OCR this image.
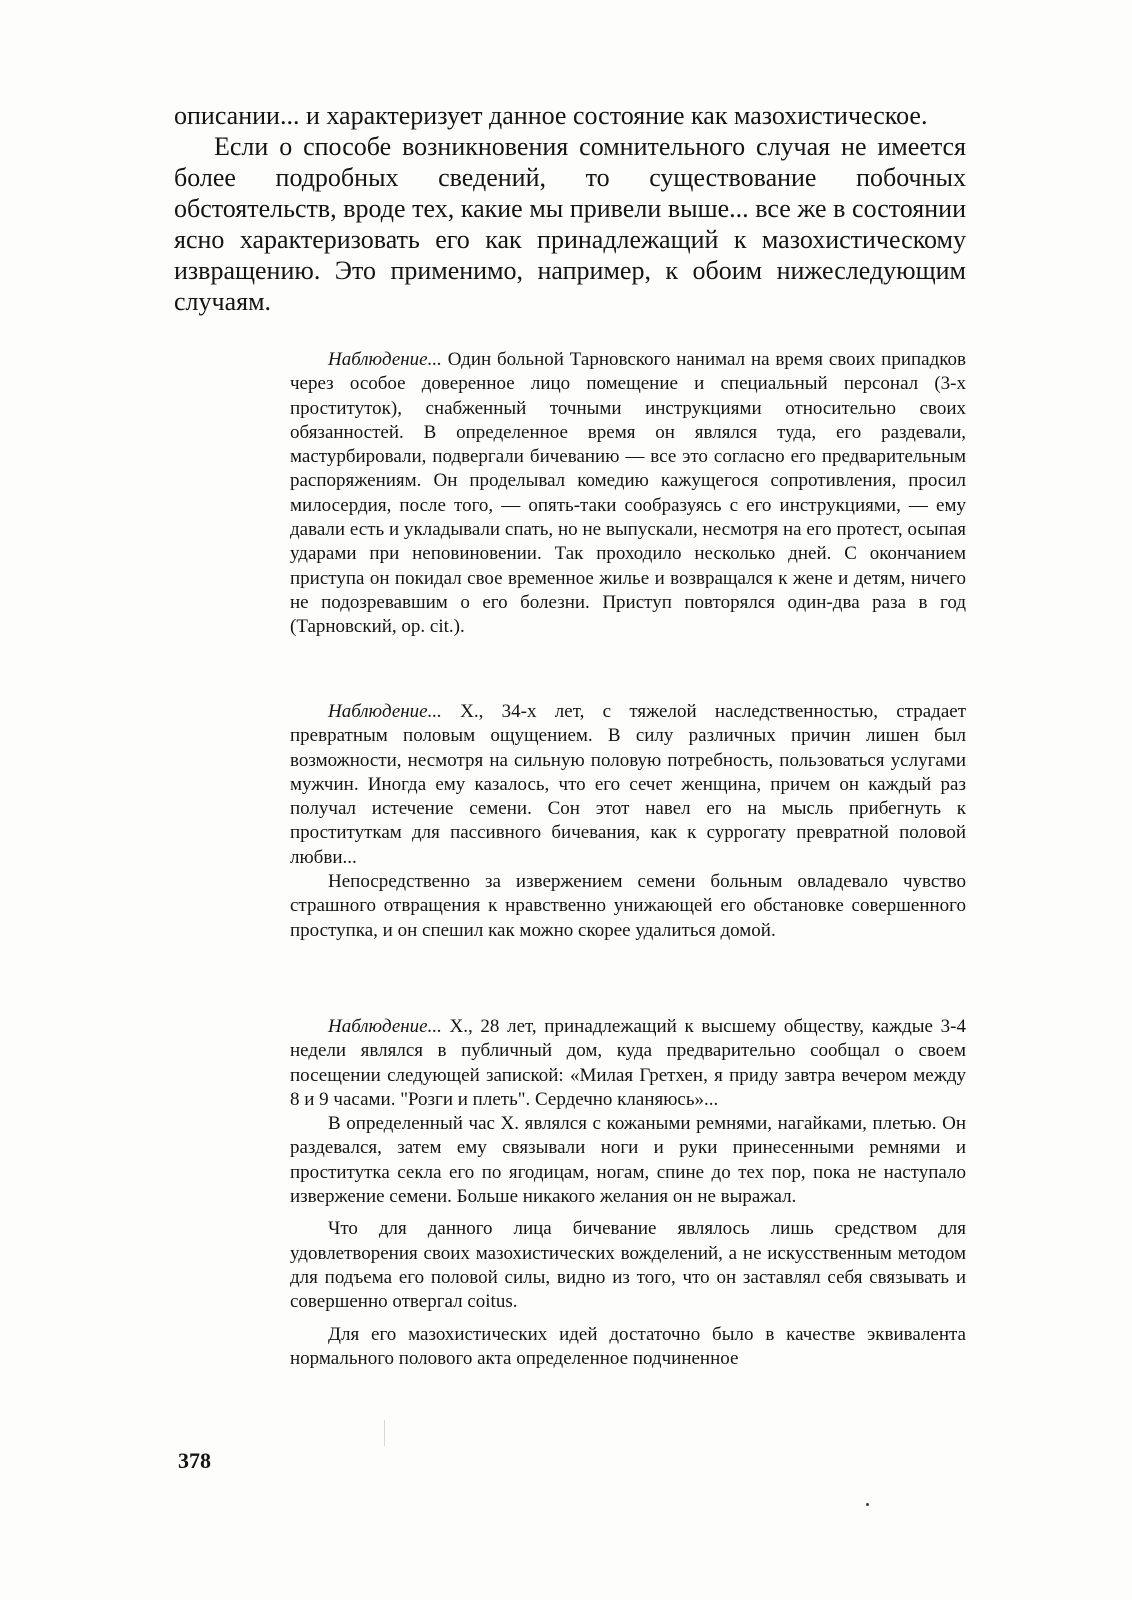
описании... и характеризует данное состояние как мазохистическое.

Если о способе возникновения сомнительного случая не имеется более подробных сведений, то существование побочных обстоятельств, вроде тех, какие мы привели выше... все же в состоянии ясно характеризовать его как принадлежащий к мазохистическому извращению. Это применимо, например, к обоим нижеследующим случаям.

Наблюдение... Один больной Тарновского нанимал на время своих припадков через особое доверенное лицо помещение и специальный персонал (3-х проституток), снабженный точными инструкциями относительно своих обязанностей. В определенное время он являлся туда, его раздевали, мастурбировали, подвергали бичеванию — все это согласно его предварительным распоряжениям. Он проделывал комедию кажущегося сопротивления, просил милосердия, после того, — опять-таки сообразуясь с его инструкциями, — ему давали есть и укладывали спать, но не выпускали, несмотря на его протест, осыпая ударами при неповиновении. Так проходило несколько дней. С окончанием приступа он покидал свое временное жилье и возвращался к жене и детям, ничего не подозревавшим о его болезни. Приступ повторялся один-два раза в год (Тарновский, op. cit.).

Наблюдение... X., 34-х лет, с тяжелой наследственностью, страдает превратным половым ощущением. В силу различных причин лишен был возможности, несмотря на сильную половую потребность, пользоваться услугами мужчин. Иногда ему казалось, что его сечет женщина, причем он каждый раз получал истечение семени. Сон этот навел его на мысль прибегнуть к проституткам для пассивного бичевания, как к суррогату превратной половой любви...

Непосредственно за извержением семени больным овладевало чувство страшного отвращения к нравственно унижающей его обстановке совершенного проступка, и он спешил как можно скорее удалиться домой.

Наблюдение... X., 28 лет, принадлежащий к высшему обществу, каждые 3-4 недели являлся в публичный дом, куда предварительно сообщал о своем посещении следующей запиской: «Милая Гретхен, я приду завтра вечером между 8 и 9 часами. "Розги и плеть". Сердечно кланяюсь»...

В определенный час X. являлся с кожаными ремнями, нагайками, плетью. Он раздевался, затем ему связывали ноги и руки принесенными ремнями и проститутка секла его по ягодицам, ногам, спине до тех пор, пока не наступало извержение семени. Больше никакого желания он не выражал.

Что для данного лица бичевание являлось лишь средством для удовлетворения своих мазохистических вожделений, а не искусственным методом для подъема его половой силы, видно из того, что он заставлял себя связывать и совершенно отвергал coitus.

Для его мазохистических идей достаточно было в качестве эквивалента нормального полового акта определенное подчиненное

378
